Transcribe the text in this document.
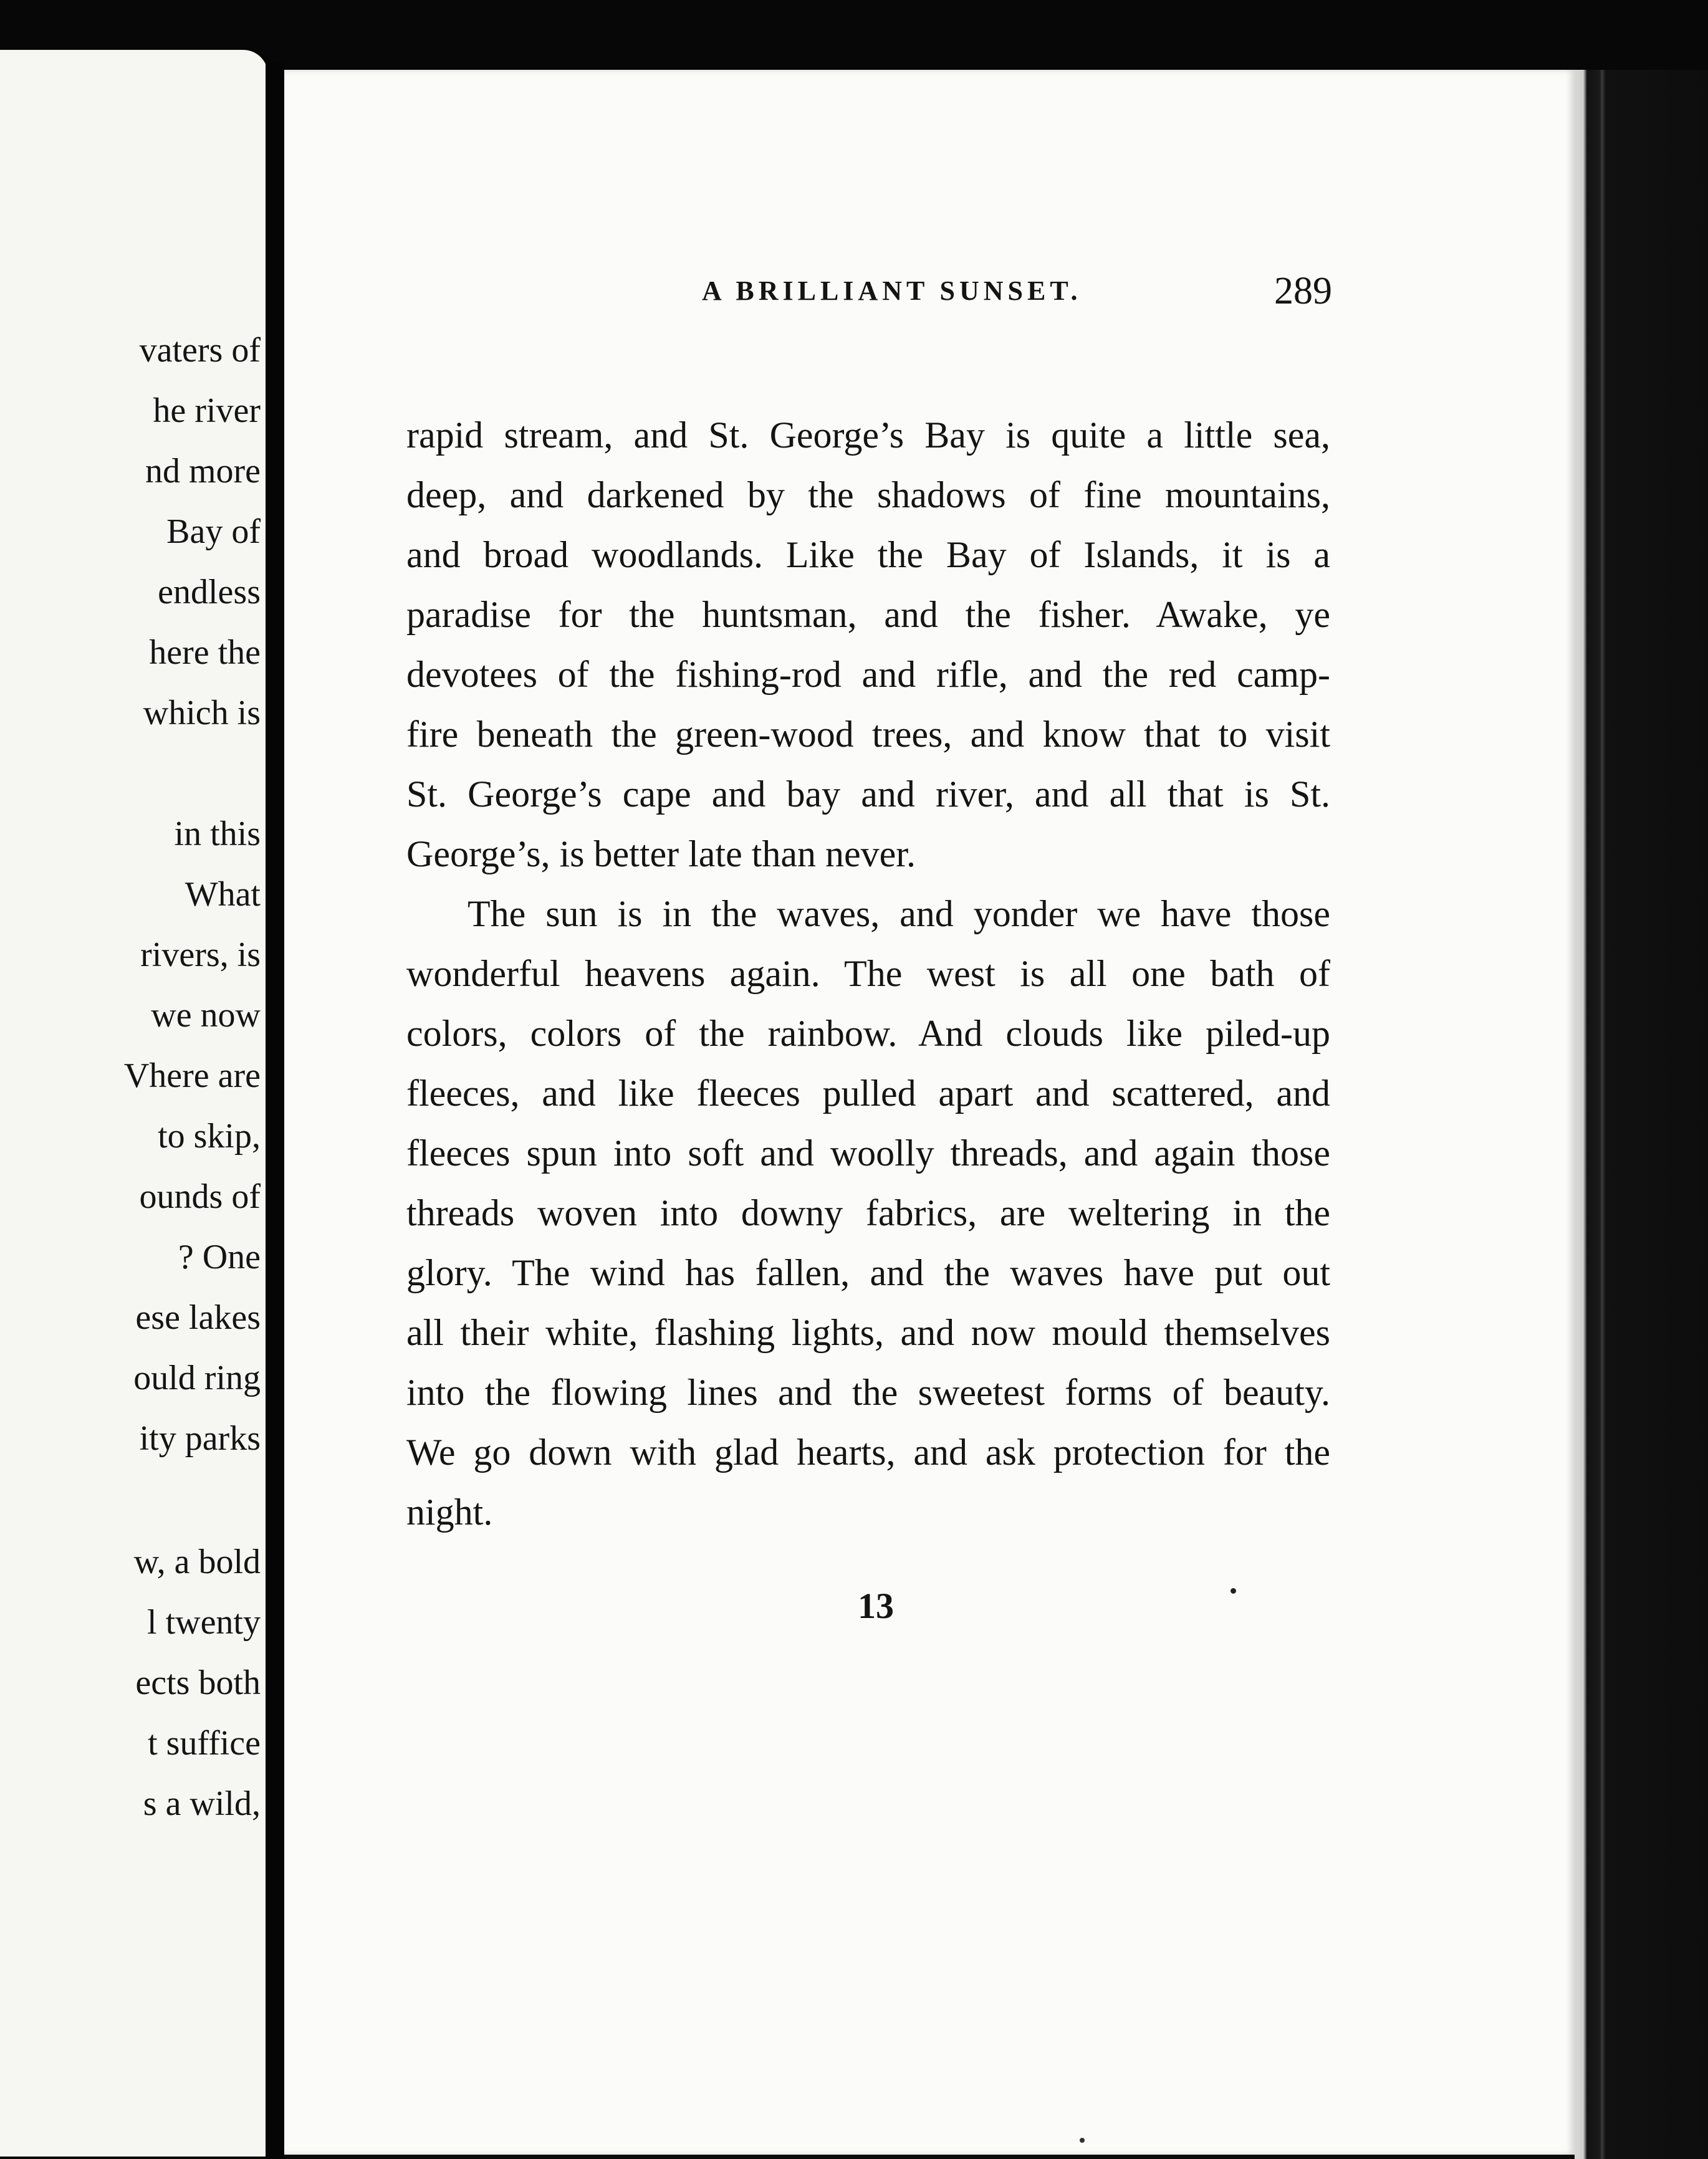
vaters of
he river
nd more
Bay of
endless
here the
which is
in this
What
rivers, is
we now
Vhere are
to skip,
ounds of
? One
ese lakes
ould ring
ity parks
w, a bold
l twenty
ects both
t suffice
s a wild,
A BRILLIANT SUNSET.	289
rapid stream, and St. George’s Bay is quite a little sea,
deep, and darkened by the shadows of fine mountains,
and broad woodlands. Like the Bay of Islands, it is a
paradise for the huntsman, and the fisher. Awake, ye
devotees of the fishing-rod and rifle, and the red camp-
fire beneath the green-wood trees, and know that to visit
St. George’s cape and bay and river, and all that is St.
George’s, is better late than never.
The sun is in the waves, and yonder we have those
wonderful heavens again. The west is all one bath of
colors, colors of the rainbow. And clouds like piled-up
fleeces, and like fleeces pulled apart and scattered, and
fleeces spun into soft and woolly threads, and again those
threads woven into downy fabrics, are weltering in the
glory. The wind has fallen, and the waves have put out
all their white, flashing lights, and now mould themselves
into the flowing lines and the sweetest forms of beauty.
We go down with glad hearts, and ask protection for the
night.
13
